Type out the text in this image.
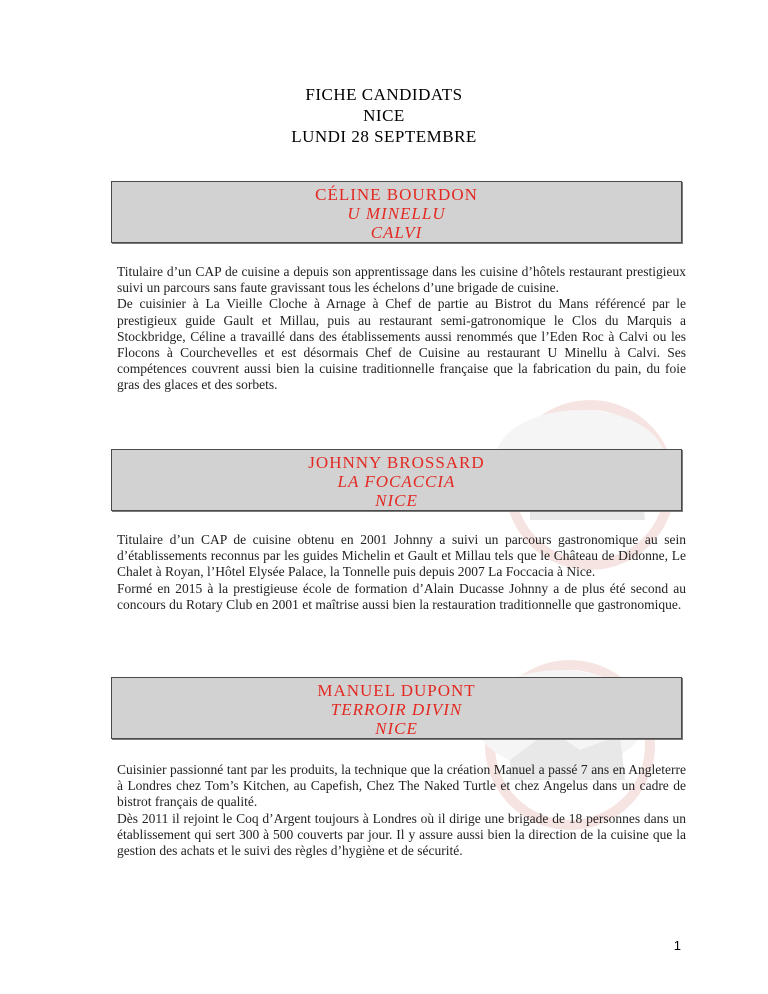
FICHE CANDIDATS
NICE
LUNDI 28 SEPTEMBRE
CÉLINE BOURDON
U MINELLU
CALVI

Titulaire d’un CAP de cuisine a depuis son apprentissage dans les cuisine d’hôtels restaurant prestigieux suivi un parcours sans faute gravissant tous les échelons d’une brigade de cuisine.

De cuisinier à La Vieille Cloche à Arnage à Chef de partie au Bistrot du Mans référencé par le prestigieux guide Gault et Millau, puis au restaurant semi-gatronomique le Clos du Marquis a Stockbridge, Céline a travaillé dans des établissements aussi renommés que l’Eden Roc à Calvi ou les Flocons à Courchevelles et est désormais Chef de Cuisine au restaurant U Minellu à Calvi. Ses compétences couvrent aussi bien la cuisine traditionnelle française que la fabrication du pain, du foie gras des glaces et des sorbets.

JOHNNY BROSSARD
LA FOCACCIA
NICE

Titulaire d’un CAP de cuisine obtenu en 2001 Johnny a suivi un parcours gastronomique au sein d’établissements reconnus par les guides Michelin et Gault et Millau tels que le Château de Didonne, Le Chalet à Royan, l’Hôtel Elysée Palace, la Tonnelle puis depuis 2007 La Foccacia à Nice.

Formé en 2015 à la prestigieuse école de formation d’Alain Ducasse Johnny a de plus été second au concours du Rotary Club en 2001 et maîtrise aussi bien la restauration traditionnelle que gastronomique.

MANUEL DUPONT
TERROIR DIVIN
NICE

Cuisinier passionné tant par les produits, la technique que la création Manuel a passé 7 ans en Angleterre à Londres chez Tom’s Kitchen, au Capefish, Chez The Naked Turtle et chez Angelus dans un cadre de bistrot français de qualité.

Dès 2011 il rejoint le Coq d’Argent toujours à Londres où il dirige une brigade de 18 personnes dans un établissement qui sert 300 à 500 couverts par jour. Il y assure aussi bien la direction de la cuisine que la gestion des achats et le suivi des règles d’hygiène et de sécurité.

1
